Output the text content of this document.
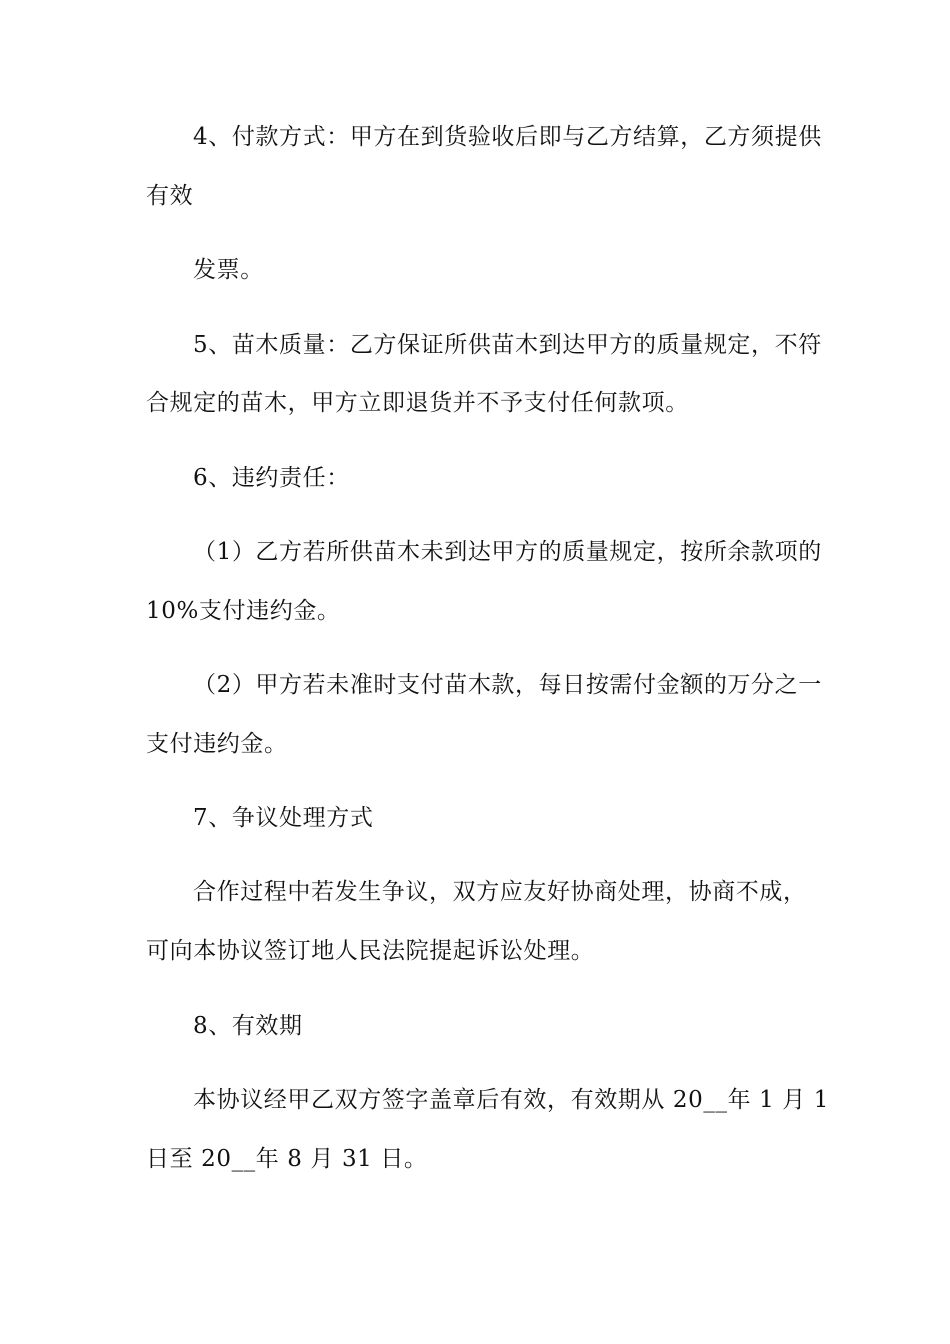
4、付款方式：甲方在到货验收后即与乙方结算，乙方须提供
有效
发票。
5、苗木质量：乙方保证所供苗木到达甲方的质量规定，不符
合规定的苗木，甲方立即退货并不予支付任何款项。
6、违约责任：
（1）乙方若所供苗木未到达甲方的质量规定，按所余款项的
10%支付违约金。
（2）甲方若未准时支付苗木款，每日按需付金额的万分之一
支付违约金。
7、争议处理方式
合作过程中若发生争议，双方应友好协商处理，协商不成，
可向本协议签订地人民法院提起诉讼处理。
8、有效期
本协议经甲乙双方签字盖章后有效，有效期从 20__年 1 月 1
日至 20__年 8 月 31 日。
